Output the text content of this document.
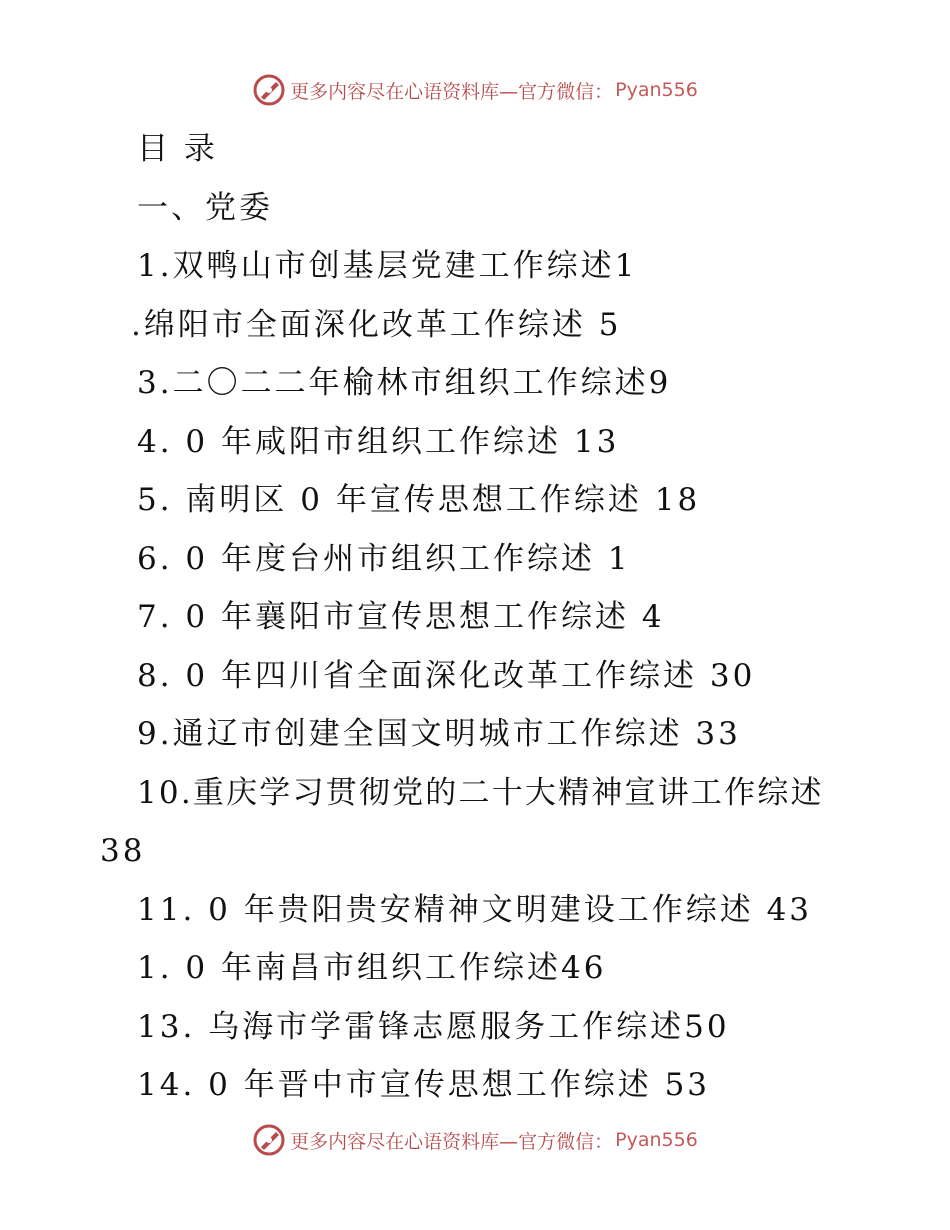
更多内容尽在心语资料库—官方微信： Pyan556
目 录
一、党委
1.双鸭山市创基层党建工作综述1
.绵阳市全面深化改革工作综述 5
3.二〇二二年榆林市组织工作综述9
4. 0 年咸阳市组织工作综述 13
5. 南明区 0 年宣传思想工作综述 18
6. 0 年度台州市组织工作综述 1
7. 0 年襄阳市宣传思想工作综述 4
8. 0 年四川省全面深化改革工作综述 30
9.通辽市创建全国文明城市工作综述 33
10.重庆学习贯彻党的二十大精神宣讲工作综述
38
11. 0 年贵阳贵安精神文明建设工作综述 43
1. 0 年南昌市组织工作综述46
13. 乌海市学雷锋志愿服务工作综述50
14. 0 年晋中市宣传思想工作综述 53
更多内容尽在心语资料库—官方微信： Pyan556
